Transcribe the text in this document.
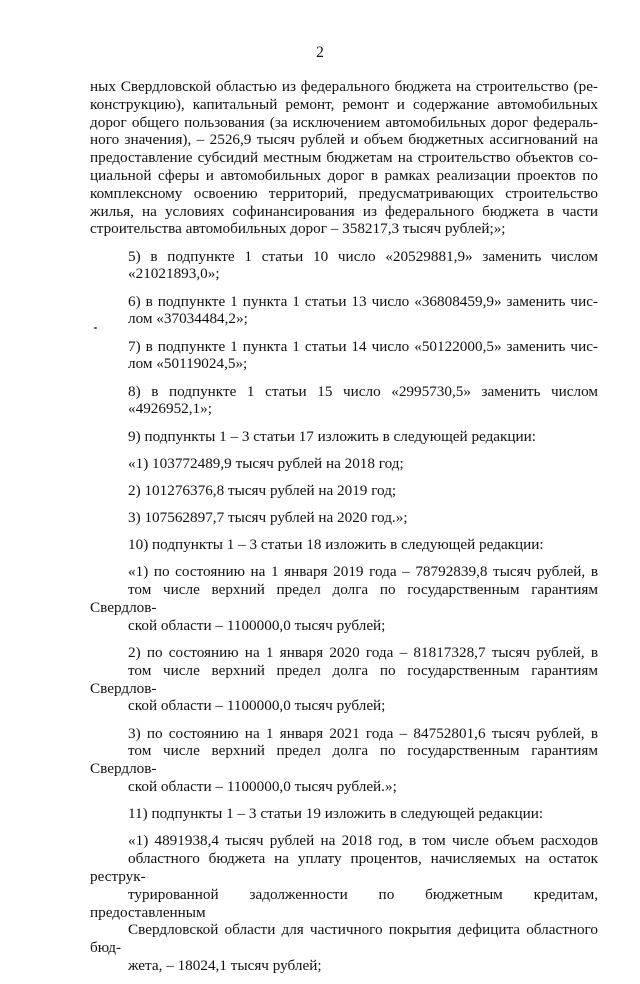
2
ных Свердловской областью из федерального бюджета на строительство (ре-
конструкцию), капитальный ремонт, ремонт и содержание автомобильных
дорог общего пользования (за исключением автомобильных дорог федераль-
ного значения), – 2526,9 тысяч рублей и объем бюджетных ассигнований на
предоставление субсидий местным бюджетам на строительство объектов со-
циальной сферы и автомобильных дорог в рамках реализации проектов по
комплексному освоению территорий, предусматривающих строительство
жилья, на условиях софинансирования из федерального бюджета в части
строительства автомобильных дорог – 358217,3 тысяч рублей;»;
5) в подпункте 1 статьи 10 число «20529881,9» заменить числом
«21021893,0»;
6) в подпункте 1 пункта 1 статьи 13 число «36808459,9» заменить чис-
лом «37034484,2»;
7) в подпункте 1 пункта 1 статьи 14 число «50122000,5» заменить чис-
лом «50119024,5»;
8) в подпункте 1 статьи 15 число «2995730,5» заменить числом
«4926952,1»;
9) подпункты 1 – 3 статьи 17 изложить в следующей редакции:
«1) 103772489,9 тысяч рублей на 2018 год;
2) 101276376,8 тысяч рублей на 2019 год;
3) 107562897,7 тысяч рублей на 2020 год.»;
10) подпункты 1 – 3 статьи 18 изложить в следующей редакции:
«1) по состоянию на 1 января 2019 года – 78792839,8 тысяч рублей, в
том числе верхний предел долга по государственным гарантиям Свердлов-
ской области – 1100000,0 тысяч рублей;
2) по состоянию на 1 января 2020 года – 81817328,7 тысяч рублей, в
том числе верхний предел долга по государственным гарантиям Свердлов-
ской области – 1100000,0 тысяч рублей;
3) по состоянию на 1 января 2021 года – 84752801,6 тысяч рублей, в
том числе верхний предел долга по государственным гарантиям Свердлов-
ской области – 1100000,0 тысяч рублей.»;
11) подпункты 1 – 3 статьи 19 изложить в следующей редакции:
«1) 4891938,4 тысяч рублей на 2018 год, в том числе объем расходов
областного бюджета на уплату процентов, начисляемых на остаток реструк-
турированной задолженности по бюджетным кредитам, предоставленным
Свердловской области для частичного покрытия дефицита областного бюд-
жета, – 18024,1 тысяч рублей;
